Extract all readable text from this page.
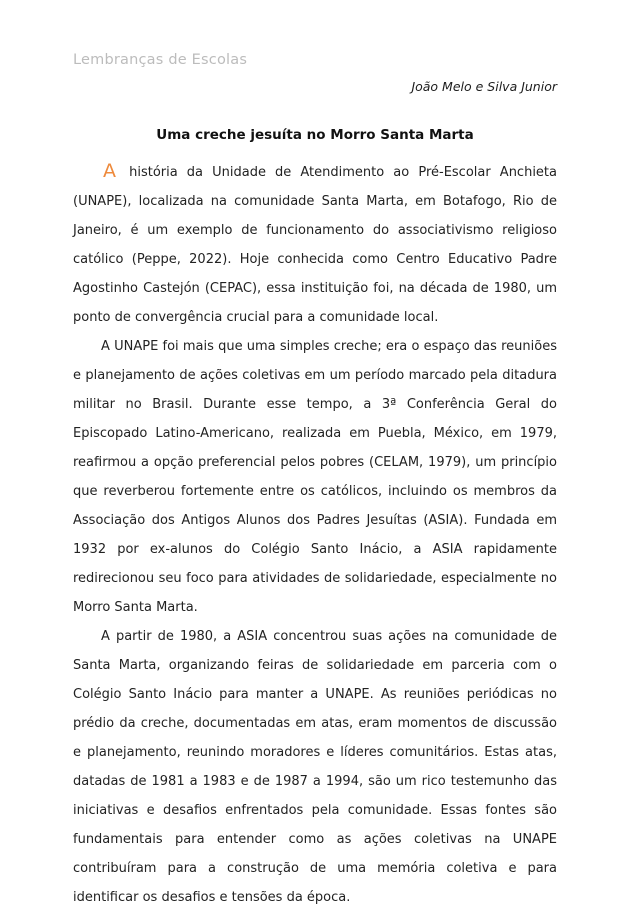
Lembranças de Escolas
João Melo e Silva Junior
Uma creche jesuíta no Morro Santa Marta

A história da Unidade de Atendimento ao Pré-Escolar Anchieta (UNAPE), localizada na comunidade Santa Marta, em Botafogo, Rio de Janeiro, é um exemplo de funcionamento do associativismo religioso católico (Peppe, 2022). Hoje conhecida como Centro Educativo Padre Agostinho Castejón (CEPAC), essa instituição foi, na década de 1980, um ponto de convergência crucial para a comunidade local.

A UNAPE foi mais que uma simples creche; era o espaço das reuniões e planejamento de ações coletivas em um período marcado pela ditadura militar no Brasil. Durante esse tempo, a 3ª Conferência Geral do Episcopado Latino-Americano, realizada em Puebla, México, em 1979, reafirmou a opção preferencial pelos pobres (CELAM, 1979), um princípio que reverberou fortemente entre os católicos, incluindo os membros da Associação dos Antigos Alunos dos Padres Jesuítas (ASIA). Fundada em 1932 por ex-alunos do Colégio Santo Inácio, a ASIA rapidamente redirecionou seu foco para atividades de solidariedade, especialmente no Morro Santa Marta.

A partir de 1980, a ASIA concentrou suas ações na comunidade de Santa Marta, organizando feiras de solidariedade em parceria com o Colégio Santo Inácio para manter a UNAPE. As reuniões periódicas no prédio da creche, documentadas em atas, eram momentos de discussão e planejamento, reunindo moradores e líderes comunitários. Estas atas, datadas de 1981 a 1983 e de 1987 a 1994, são um rico testemunho das iniciativas e desafios enfrentados pela comunidade. Essas fontes são fundamentais para entender como as ações coletivas na UNAPE contribuíram para a construção de uma memória coletiva e para identificar os desafios e tensões da época.
